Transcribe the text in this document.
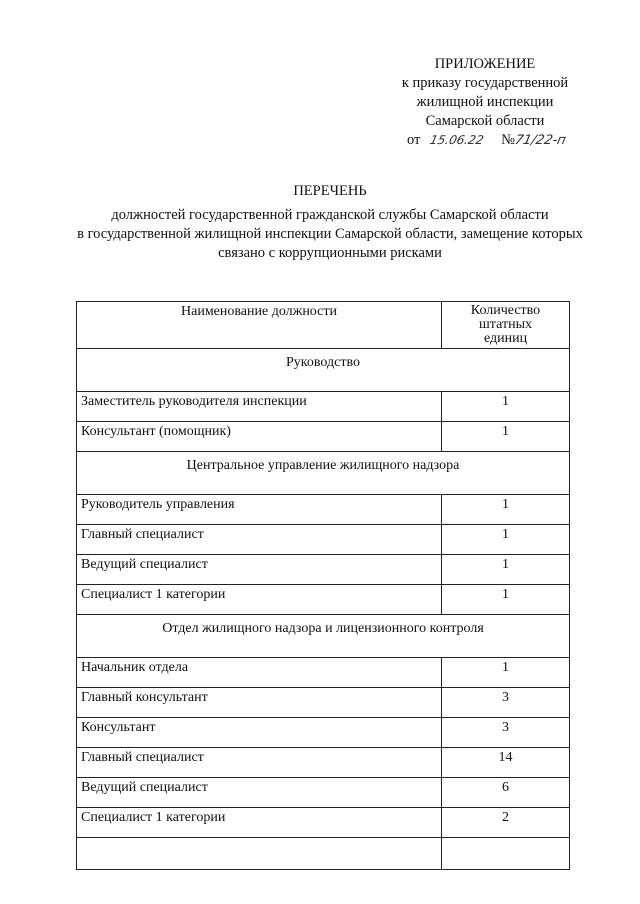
ПРИЛОЖЕНИЕ
к приказу государственной
жилищной инспекции
Самарской области
от 15.06.22 №71/22-п
ПЕРЕЧЕНЬ
должностей государственной гражданской службы Самарской области
в государственной жилищной инспекции Самарской области, замещение которых
связано с коррупционными рисками
Наименование должности	Количество
штатных
единиц

Руководство	
Заместитель руководителя инспекции	1
Консультант (помощник)	1
Центральное управление жилищного надзора	
Руководитель управления	1
Главный специалист	1
Ведущий специалист	1
Специалист 1 категории	1
Отдел жилищного надзора и лицензионного контроля	
Начальник отдела	1
Главный консультант	3
Консультант	3
Главный специалист	14
Ведущий специалист	6
Специалист 1 категории	2
